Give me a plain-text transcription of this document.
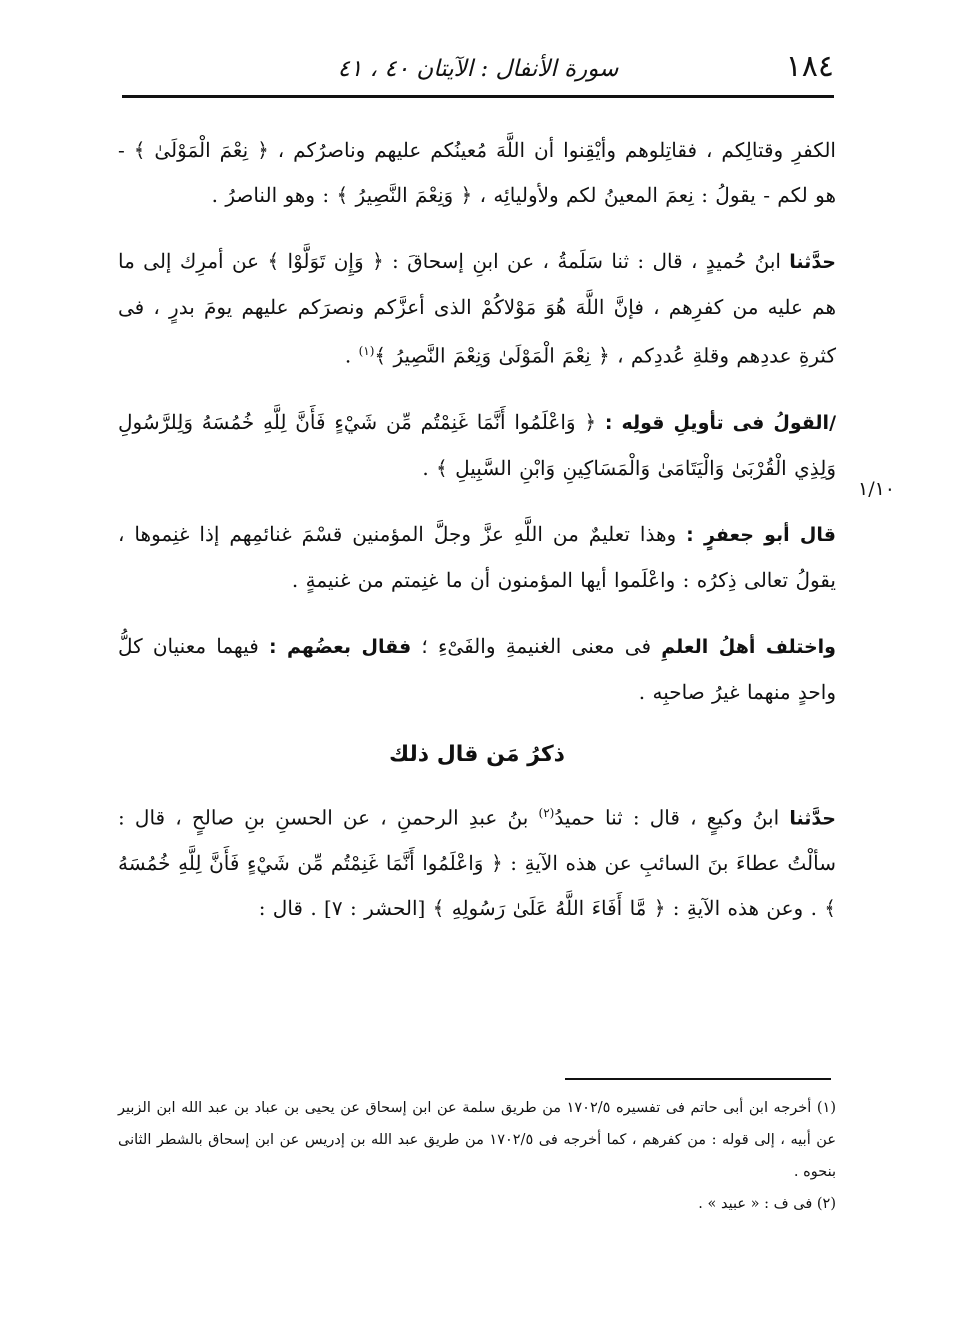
١٨٤
سورة الأنفال : الآيتان ٤٠ ، ٤١
١/١٠

الكفرِ وقتالِكم ، فقاتِلوهم وأيْقِنوا أن اللَّهَ مُعينُكم عليهم وناصرُكم ، ﴿ نِعْمَ الْمَوْلَىٰ ﴾ - هو لكم - يقولُ : نِعمَ المعينُ لكم ولأوليائِه ، ﴿ وَنِعْمَ النَّصِيرُ ﴾ : وهو الناصرُ .

حدَّثنا ابنُ حُميدٍ ، قال : ثنا سَلَمةُ ، عن ابنِ إسحاقَ : ﴿ وَإِن تَوَلَّوْا ﴾ عن أمرِك إلى ما هم عليه من كفرِهم ، فإنَّ اللَّهَ هُوَ مَوْلاكُمْ الذى أعزَّكم ونصرَكم عليهم يومَ بدرٍ ، فى كثرةِ عددِهم وقلةِ عُددِكم ، ﴿ نِعْمَ الْمَوْلَىٰ وَنِعْمَ النَّصِيرُ ﴾$^{(١)}$ .

/القولُ فى تأويلِ قولِه : ﴿ وَاعْلَمُوا أَنَّمَا غَنِمْتُم مِّن شَيْءٍ فَأَنَّ لِلَّهِ خُمُسَهُ وَلِلرَّسُولِ وَلِذِي الْقُرْبَىٰ وَالْيَتَامَىٰ وَالْمَسَاكِينِ وَابْنِ السَّبِيلِ ﴾ .

قال أبو جعفرٍ : وهذا تعليمٌ من اللَّهِ عزَّ وجلَّ المؤمنين قسْمَ غنائمِهم إذا غنِموها ، يقولُ تعالى ذِكرُه : واعْلَموا أيها المؤمنون أن ما غنِمتم من غنيمةٍ .

واختلف أهلُ العلمِ فى معنى الغنيمةِ والفَىْءِ ؛ فقال بعضُهم : فيهما معنيان كلُّ واحدٍ منهما غيرُ صاحبِه .

ذكرُ مَن قال ذلك

حدَّثنا ابنُ وكيعٍ ، قال : ثنا حميدُ$^{(٢)}$ بنُ عبدِ الرحمنِ ، عن الحسنِ بنِ صالحٍ ، قال : سألْتُ عطاءَ بنَ السائبِ عن هذه الآيةِ : ﴿ وَاعْلَمُوا أَنَّمَا غَنِمْتُم مِّن شَيْءٍ فَأَنَّ لِلَّهِ خُمُسَهُ ﴾ . وعن هذه الآيةِ : ﴿ مَّا أَفَاءَ اللَّهُ عَلَىٰ رَسُولِهِ ﴾ [الحشر : ٧] . قال :

(١) أخرجه ابن أبى حاتم فى تفسيره ١٧٠٢/٥ من طريق سلمة عن ابن إسحاق عن يحيى بن عباد بن عبد الله ابن الزبير عن أبيه ، إلى قوله : من كفرهم ، كما أخرجه فى ١٧٠٢/٥ من طريق عبد الله بن إدريس عن ابن إسحاق بالشطر الثانى بنحوه .

(٢) فى ف : « عبيد » .
